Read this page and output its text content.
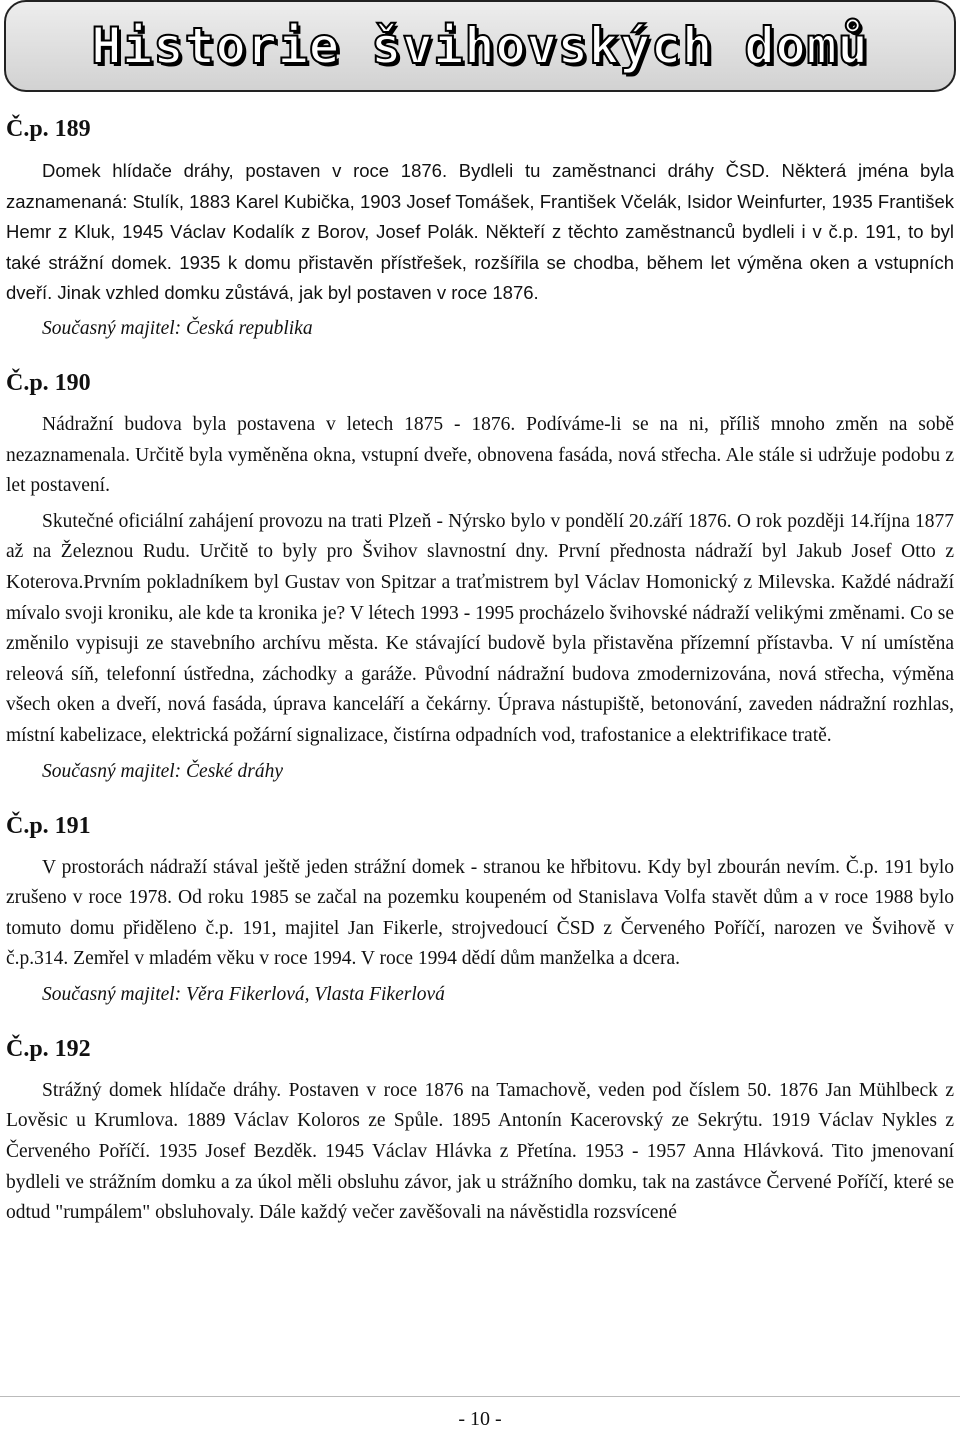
Historie švihovských domů
Č.p. 189

Domek hlídače dráhy, postaven v roce 1876. Bydleli tu zaměstnanci dráhy ČSD. Některá jména byla zaznamenaná: Stulík, 1883 Karel Kubička, 1903 Josef Tomášek, František Včelák, Isidor Weinfurter, 1935 František Hemr z Kluk, 1945 Václav Kodalík z Borov, Josef Polák. Někteří z těchto zaměstnanců bydleli i v č.p. 191, to byl také strážní domek. 1935 k domu přistavěn přístřešek, rozšířila se chodba, během let výměna oken a vstupních dveří. Jinak vzhled domku zůstává, jak byl postaven v roce 1876.

Současný majitel: Česká republika
Č.p. 190

Nádražní budova byla postavena v letech 1875 - 1876. Podíváme-li se na ni, příliš mnoho změn na sobě nezaznamenala. Určitě byla vyměněna okna, vstupní dveře, obnovena fasáda, nová střecha. Ale stále si udržuje podobu z let postavení.

Skutečné oficiální zahájení provozu na trati Plzeň - Nýrsko bylo v pondělí 20.září 1876. O rok později 14.října 1877 až na Železnou Rudu. Určitě to byly pro Švihov slavnostní dny. První přednosta nádraží byl Jakub Josef Otto z Koterova.Prvním pokladníkem byl Gustav von Spitzar a traťmistrem byl Václav Homonický z Milevska. Každé nádraží mívalo svoji kroniku, ale kde ta kronika je? V létech 1993 - 1995 procházelo švihovské nádraží velikými změnami. Co se změnilo vypisuji ze stavebního archívu města. Ke stávající budově byla přistavěna přízemní přístavba. V ní umístěna releová síň, telefonní ústředna, záchodky a garáže. Původní nádražní budova zmodernizována, nová střecha, výměna všech oken a dveří, nová fasáda, úprava kanceláří a čekárny. Úprava nástupiště, betonování, zaveden nádražní rozhlas, místní kabelizace, elektrická požární signalizace, čistírna odpadních vod, trafostanice a elektrifikace tratě.

Současný majitel: České dráhy
Č.p. 191

V prostorách nádraží stával ještě jeden strážní domek - stranou ke hřbitovu. Kdy byl zbourán nevím. Č.p. 191 bylo zrušeno v roce 1978. Od roku 1985 se začal na pozemku koupeném od Stanislava Volfa stavět dům a v roce 1988 bylo tomuto domu přiděleno č.p. 191, majitel Jan Fikerle, strojvedoucí ČSD z Červeného Poříčí, narozen ve Švihově v č.p.314. Zemřel v mladém věku v roce 1994. V roce 1994 dědí dům manželka a dcera.

Současný majitel: Věra Fikerlová, Vlasta Fikerlová
Č.p. 192

Strážný domek hlídače dráhy. Postaven v roce 1876 na Tamachově, veden pod číslem 50. 1876 Jan Mühlbeck z Lověsic u Krumlova. 1889 Václav Koloros ze Spůle. 1895 Antonín Kacerovský ze Sekrýtu. 1919 Václav Nykles z Červeného Poříčí. 1935 Josef Bezděk. 1945 Václav Hlávka z Přetína. 1953 - 1957 Anna Hlávková. Tito jmenovaní bydleli ve strážním domku a za úkol měli obsluhu závor, jak u strážního domku, tak na zastávce Červené Poříčí, které se odtud "rumpálem" obsluhovaly. Dále každý večer zavěšovali na návěstidla rozsvícené

- 10 -
